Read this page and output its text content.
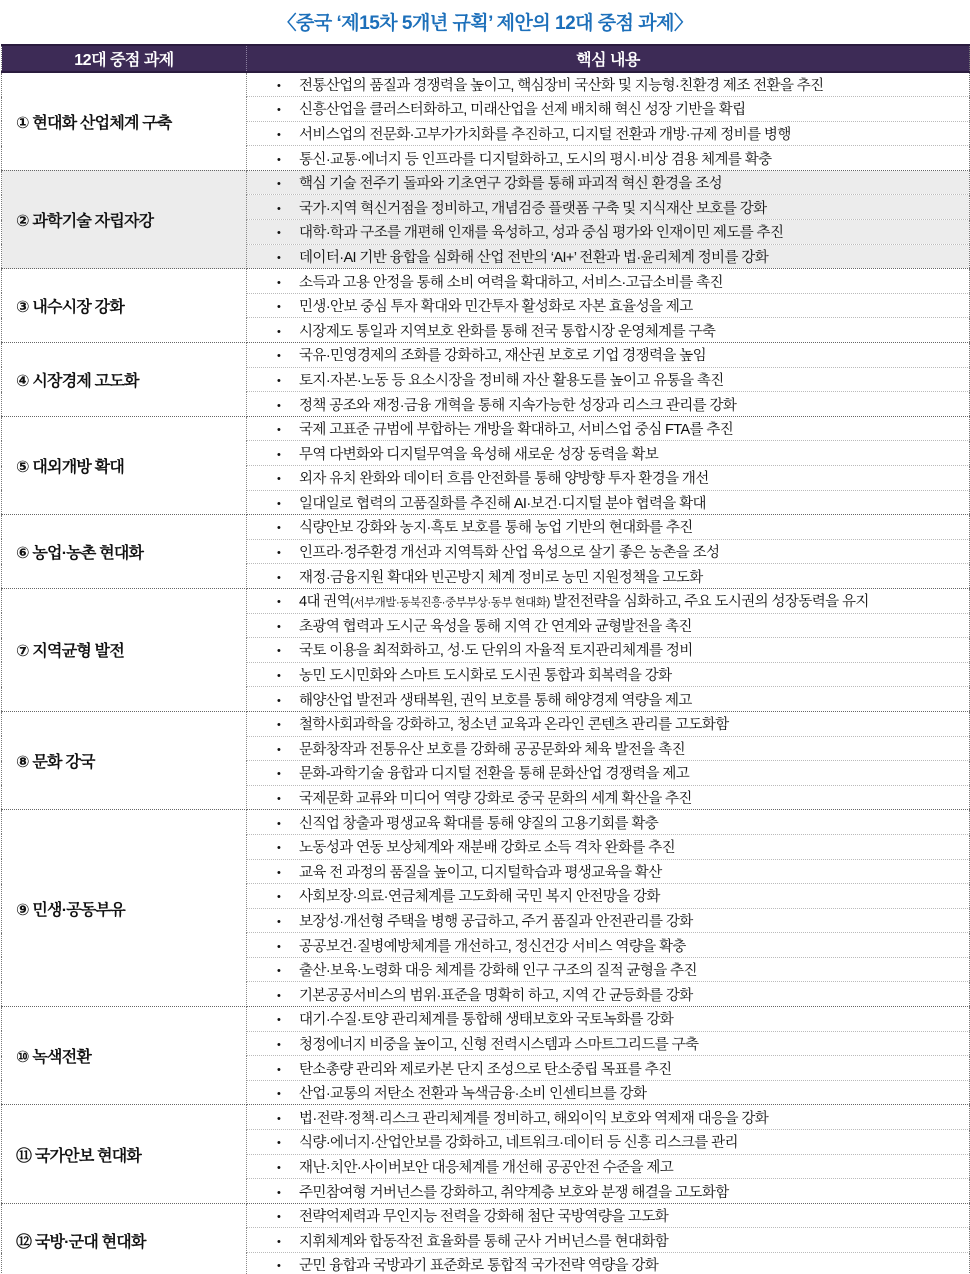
〈중국 ‘제15차 5개년 규획’ 제안의 12대 중점 과제〉
12대 중점 과제	핵심 내용
① 현대화 산업체계 구축	• 전통산업의 품질과 경쟁력을 높이고, 핵심장비 국산화 및 지능형·친환경 제조 전환을 추진
	• 신흥산업을 클러스터화하고, 미래산업을 선제 배치해 혁신 성장 기반을 확립
	• 서비스업의 전문화·고부가가치화를 추진하고, 디지털 전환과 개방·규제 정비를 병행
	• 통신·교통·에너지 등 인프라를 디지털화하고, 도시의 평시·비상 겸용 체계를 확충
② 과학기술 자립자강	• 핵심 기술 전주기 돌파와 기초연구 강화를 통해 파괴적 혁신 환경을 조성
	• 국가·지역 혁신거점을 정비하고, 개념검증 플랫폼 구축 및 지식재산 보호를 강화
	• 대학·학과 구조를 개편해 인재를 육성하고, 성과 중심 평가와 인재이민 제도를 추진
	• 데이터·AI 기반 융합을 심화해 산업 전반의 ‘AI+’ 전환과 법·윤리체계 정비를 강화
③ 내수시장 강화	• 소득과 고용 안정을 통해 소비 여력을 확대하고, 서비스·고급소비를 촉진
	• 민생·안보 중심 투자 확대와 민간투자 활성화로 자본 효율성을 제고
	• 시장제도 통일과 지역보호 완화를 통해 전국 통합시장 운영체계를 구축
④ 시장경제 고도화	• 국유·민영경제의 조화를 강화하고, 재산권 보호로 기업 경쟁력을 높임
	• 토지·자본·노동 등 요소시장을 정비해 자산 활용도를 높이고 유통을 촉진
	• 정책 공조와 재정·금융 개혁을 통해 지속가능한 성장과 리스크 관리를 강화
⑤ 대외개방 확대	• 국제 고표준 규범에 부합하는 개방을 확대하고, 서비스업 중심 FTA를 추진
	• 무역 다변화와 디지털무역을 육성해 새로운 성장 동력을 확보
	• 외자 유치 완화와 데이터 흐름 안전화를 통해 양방향 투자 환경을 개선
	• 일대일로 협력의 고품질화를 추진해 AI·보건·디지털 분야 협력을 확대
⑥ 농업·농촌 현대화	• 식량안보 강화와 농지·흑토 보호를 통해 농업 기반의 현대화를 추진
	• 인프라·정주환경 개선과 지역특화 산업 육성으로 살기 좋은 농촌을 조성
	• 재정·금융지원 확대와 빈곤방지 체계 정비로 농민 지원정책을 고도화
⑦ 지역균형 발전	• 4대 권역(서부개발·동북진흥·중부부상·동부 현대화) 발전전략을 심화하고, 주요 도시권의 성장동력을 유지
	• 초광역 협력과 도시군 육성을 통해 지역 간 연계와 균형발전을 촉진
	• 국토 이용을 최적화하고, 성·도 단위의 자율적 토지관리체계를 정비
	• 농민 도시민화와 스마트 도시화로 도시권 통합과 회복력을 강화
	• 해양산업 발전과 생태복원, 권익 보호를 통해 해양경제 역량을 제고
⑧ 문화 강국	• 철학사회과학을 강화하고, 청소년 교육과 온라인 콘텐츠 관리를 고도화함
	• 문화창작과 전통유산 보호를 강화해 공공문화와 체육 발전을 촉진
	• 문화-과학기술 융합과 디지털 전환을 통해 문화산업 경쟁력을 제고
	• 국제문화 교류와 미디어 역량 강화로 중국 문화의 세계 확산을 추진
⑨ 민생·공동부유	• 신직업 창출과 평생교육 확대를 통해 양질의 고용기회를 확충
	• 노동성과 연동 보상체계와 재분배 강화로 소득 격차 완화를 추진
	• 교육 전 과정의 품질을 높이고, 디지털학습과 평생교육을 확산
	• 사회보장·의료·연금체계를 고도화해 국민 복지 안전망을 강화
	• 보장성·개선형 주택을 병행 공급하고, 주거 품질과 안전관리를 강화
	• 공공보건·질병예방체계를 개선하고, 정신건강 서비스 역량을 확충
	• 출산·보육·노령화 대응 체계를 강화해 인구 구조의 질적 균형을 추진
	• 기본공공서비스의 범위·표준을 명확히 하고, 지역 간 균등화를 강화
⑩ 녹색전환	• 대기·수질·토양 관리체계를 통합해 생태보호와 국토녹화를 강화
	• 청정에너지 비중을 높이고, 신형 전력시스템과 스마트그리드를 구축
	• 탄소총량 관리와 제로카본 단지 조성으로 탄소중립 목표를 추진
	• 산업·교통의 저탄소 전환과 녹색금융·소비 인센티브를 강화
⑪ 국가안보 현대화	• 법·전략·정책·리스크 관리체계를 정비하고, 해외이익 보호와 역제재 대응을 강화
	• 식량·에너지·산업안보를 강화하고, 네트워크·데이터 등 신흥 리스크를 관리
	• 재난·치안·사이버보안 대응체계를 개선해 공공안전 수준을 제고
	• 주민참여형 거버넌스를 강화하고, 취약계층 보호와 분쟁 해결을 고도화함
⑫ 국방·군대 현대화	• 전략억제력과 무인지능 전력을 강화해 첨단 국방역량을 고도화
	• 지휘체계와 합동작전 효율화를 통해 군사 거버넌스를 현대화함
	• 군민 융합과 국방과기 표준화로 통합적 국가전략 역량을 강화
